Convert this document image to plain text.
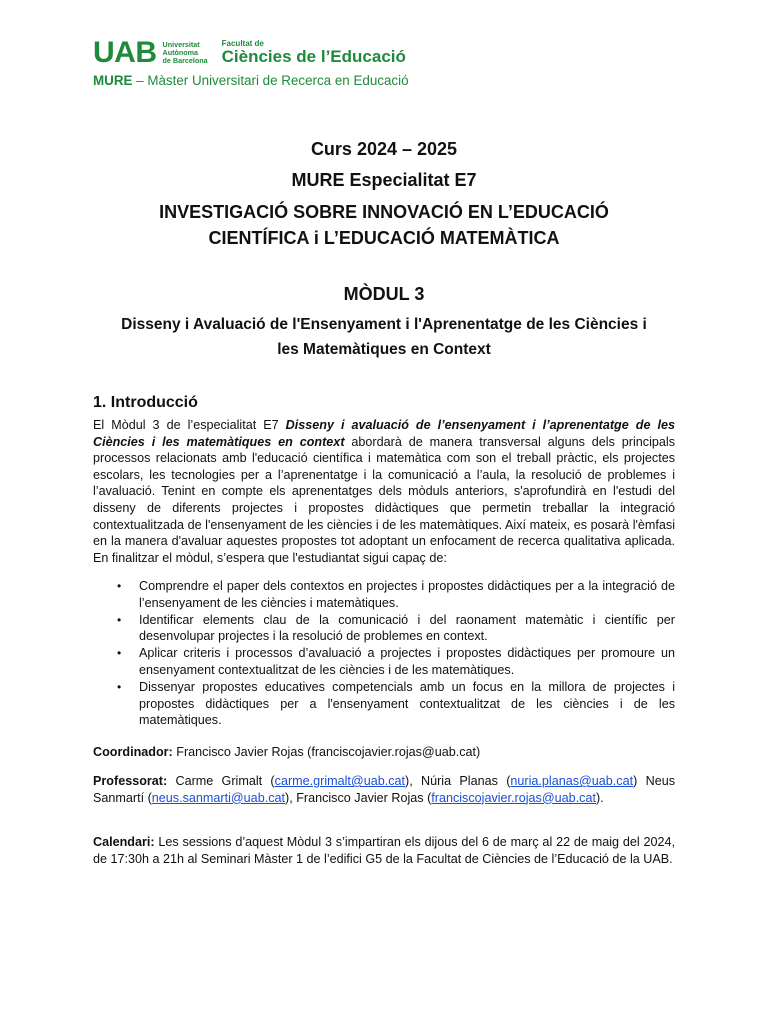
UAB Universitat
Autònoma
de Barcelona
Facultat de
Ciències de l’Educació
MURE – Màster Universitari de Recerca en Educació
Curs 2024 – 2025
MURE Especialitat E7
INVESTIGACIÓ SOBRE INNOVACIÓ EN L’EDUCACIÓ
CIENTÍFICA i L’EDUCACIÓ MATEMÀTICA
MÒDUL 3
Disseny i Avaluació de l'Ensenyament i l'Aprenentatge de les Ciències i
les Matemàtiques en Context
1. Introducció
El Mòdul 3 de l’especialitat E7 Disseny i avaluació de l’ensenyament i l’aprenentatge de les Ciències i les matemàtiques en context abordarà de manera transversal alguns dels principals processos relacionats amb l'educació científica i matemàtica com son el treball pràctic, els projectes escolars, les tecnologies per a l’aprenentatge i la comunicació a l’aula, la resolució de problemes i l’avaluació. Tenint en compte els aprenentatges dels mòduls anteriors, s'aprofundirà en l'estudi del disseny de diferents projectes i propostes didàctiques que permetin treballar la integració contextualitzada de l'ensenyament de les ciències i de les matemàtiques. Així mateix, es posarà l'èmfasi en la manera d'avaluar aquestes propostes tot adoptant un enfocament de recerca qualitativa aplicada. En finalitzar el mòdul, s’espera que l'estudiantat sigui capaç de:
• Comprendre el paper dels contextos en projectes i propostes didàctiques per a la integració de l’ensenyament de les ciències i matemàtiques.
• Identificar elements clau de la comunicació i del raonament matemàtic i científic per desenvolupar projectes i la resolució de problemes en context.
• Aplicar criteris i processos d’avaluació a projectes i propostes didàctiques per promoure un ensenyament contextualitzat de les ciències i de les matemàtiques.
• Dissenyar propostes educatives competencials amb un focus en la millora de projectes i propostes didàctiques per a l'ensenyament contextualitzat de les ciències i de les matemàtiques.
Coordinador: Francisco Javier Rojas (franciscojavier.rojas@uab.cat)
Professorat: Carme Grimalt (carme.grimalt@uab.cat), Núria Planas (nuria.planas@uab.cat) Neus Sanmartí (neus.sanmarti@uab.cat), Francisco Javier Rojas (franciscojavier.rojas@uab.cat).
Calendari: Les sessions d’aquest Mòdul 3 s’impartiran els dijous del 6 de març al 22 de maig del 2024, de 17:30h a 21h al Seminari Màster 1 de l’edifici G5 de la Facultat de Ciències de l’Educació de la UAB.
